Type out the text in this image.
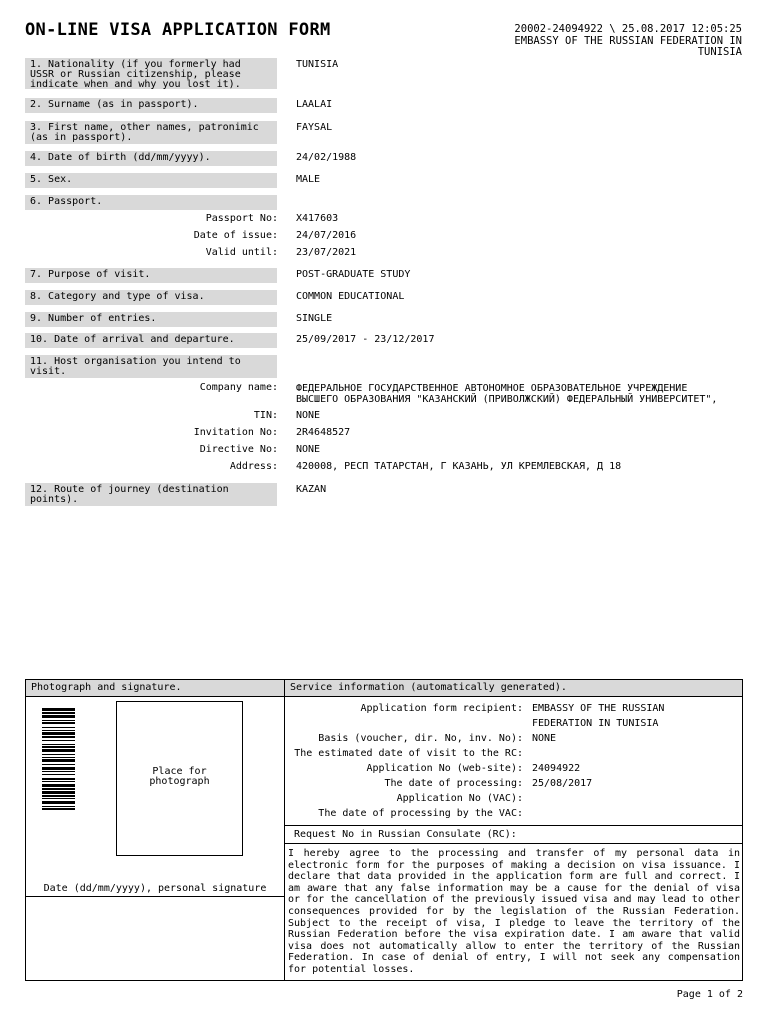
ON-LINE VISA APPLICATION FORM	20002-24094922 \ 25.08.2017 12:05:25
EMBASSY OF THE RUSSIAN FEDERATION IN
TUNISIA
1. Nationality (if you formerly had
USSR or Russian citizenship, please
indicate when and why you lost it).
TUNISIA
2. Surname (as in passport).	LAALAI
3. First name, other names, patronimic
(as in passport).
FAYSAL
4. Date of birth (dd/mm/yyyy).	24/02/1988
5. Sex.	MALE
6. Passport.
Passport No: X417603
Date of issue: 24/07/2016
Valid until: 23/07/2021
7. Purpose of visit.	POST-GRADUATE STUDY
8. Category and type of visa.	COMMON EDUCATIONAL
9. Number of entries.	SINGLE
10. Date of arrival and departure.	25/09/2017 - 23/12/2017
11. Host organisation you intend to
visit.
Company name: ФЕДЕРАЛЬНОЕ ГОСУДАРСТВЕННОЕ АВТОНОМНОЕ ОБРАЗОВАТЕЛЬНОЕ УЧРЕЖДЕНИЕ
ВЫСШЕГО ОБРАЗОВАНИЯ "КАЗАНСКИЙ (ПРИВОЛЖСКИЙ) ФЕДЕРАЛЬНЫЙ УНИВЕРСИТЕТ",
TIN: NONE
Invitation No: 2R4648527
Directive No: NONE
Address: 420008, РЕСП ТАТАРСТАН, Г КАЗАНЬ, УЛ КРЕМЛЕВСКАЯ, Д 18
12. Route of journey (destination
points).
KAZAN
Photograph and signature.	Service information (automatically generated).
Place for
photograph
Date (dd/mm/yyyy), personal signature
Application form recipient: EMBASSY OF THE RUSSIAN
FEDERATION IN TUNISIA
Basis (voucher, dir. No, inv. No): NONE
The estimated date of visit to the RC:
Application No (web-site): 24094922
The date of processing: 25/08/2017
Application No (VAC):
The date of processing by the VAC:
Request No in Russian Consulate (RC):
I hereby agree to the processing and transfer of my personal data in electronic form for the purposes of making a decision on visa issuance. I declare that data provided in the application form are full and correct. I am aware that any false information may be a cause for the denial of visa or for the cancellation of the previously issued visa and may lead to other consequences provided for by the legislation of the Russian Federation. Subject to the receipt of visa, I pledge to leave the territory of the Russian Federation before the visa expiration date. I am aware that valid visa does not automatically allow to enter the territory of the Russian Federation. In case of denial of entry, I will not seek any compensation for potential losses.
Page 1 of 2
